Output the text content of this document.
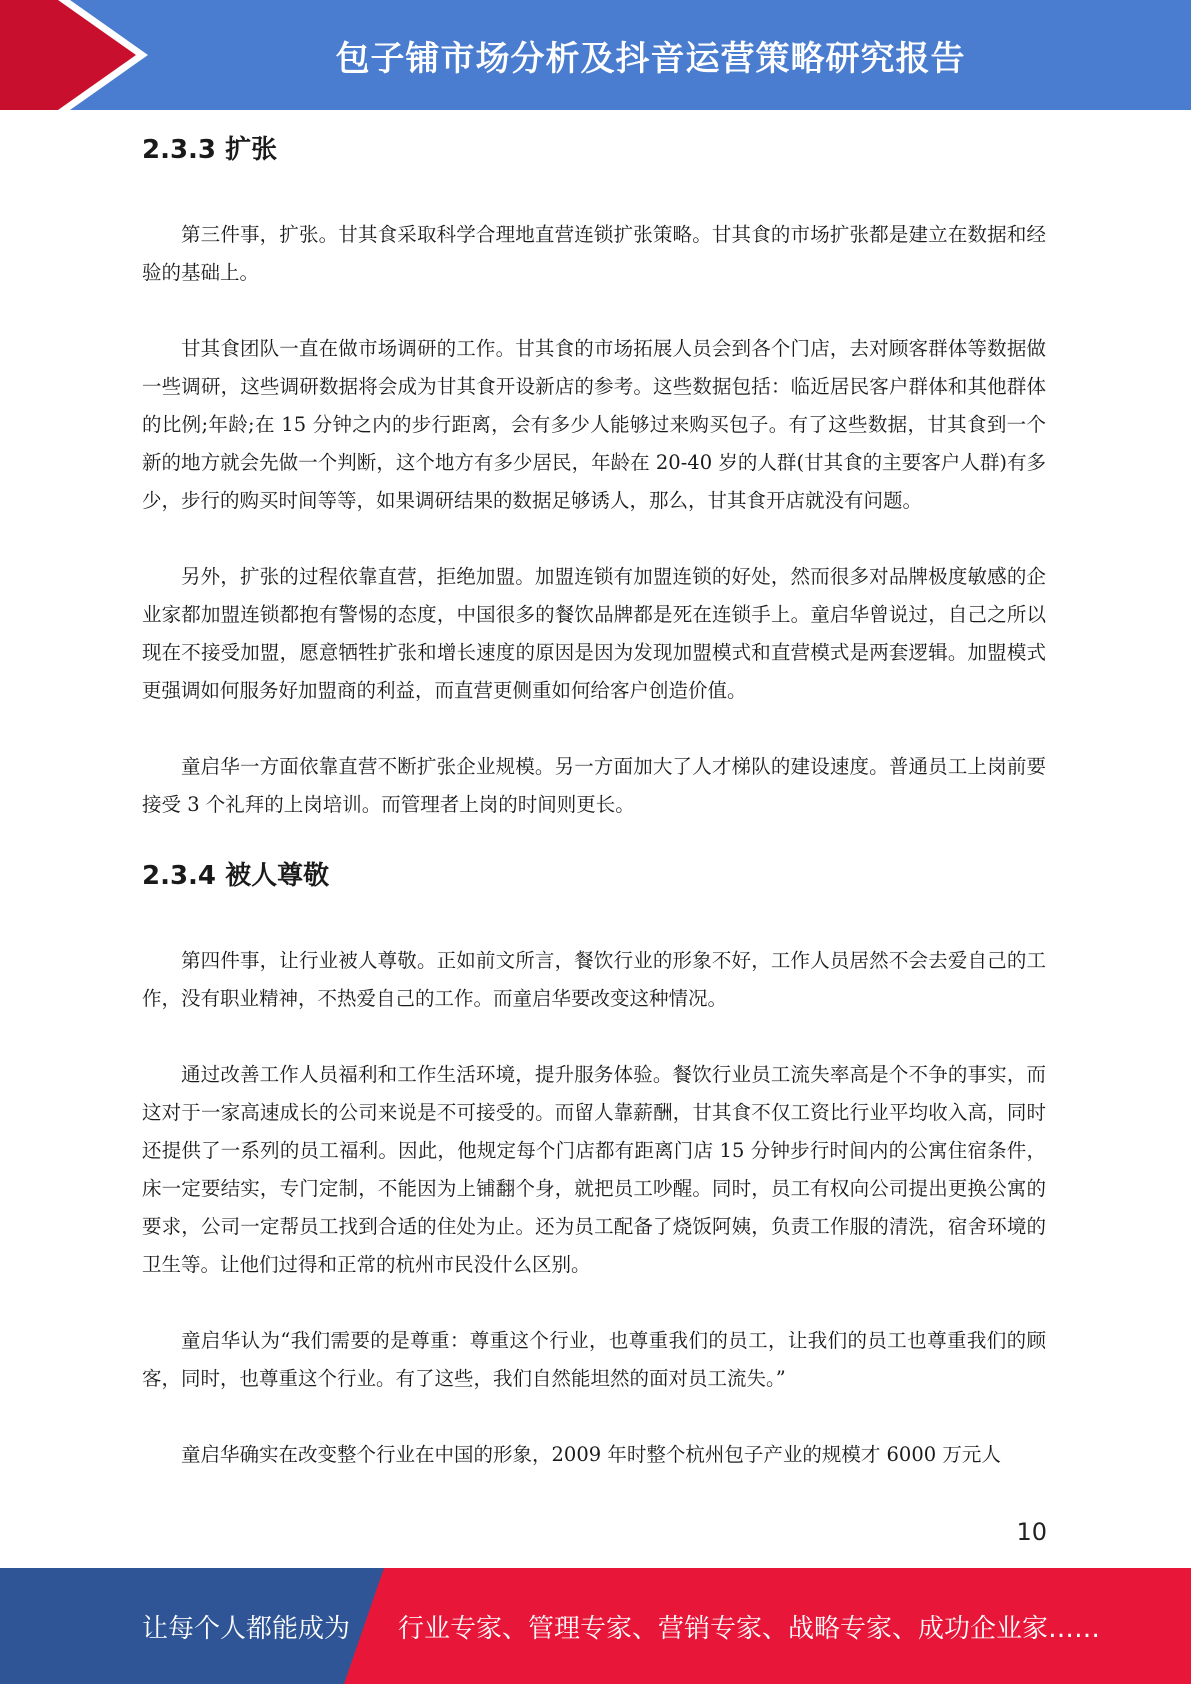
包子铺市场分析及抖音运营策略研究报告
2.3.3 扩张

第三件事，扩张。甘其食采取科学合理地直营连锁扩张策略。甘其食的市场扩张都是建立在数据和经验的基础上。

甘其食团队一直在做市场调研的工作。甘其食的市场拓展人员会到各个门店，去对顾客群体等数据做一些调研，这些调研数据将会成为甘其食开设新店的参考。这些数据包括：临近居民客户群体和其他群体的比例;年龄;在 15 分钟之内的步行距离，会有多少人能够过来购买包子。有了这些数据，甘其食到一个新的地方就会先做一个判断，这个地方有多少居民，年龄在 20-40 岁的人群(甘其食的主要客户人群)有多少，步行的购买时间等等，如果调研结果的数据足够诱人，那么，甘其食开店就没有问题。

另外，扩张的过程依靠直营，拒绝加盟。加盟连锁有加盟连锁的好处，然而很多对品牌极度敏感的企业家都加盟连锁都抱有警惕的态度，中国很多的餐饮品牌都是死在连锁手上。童启华曾说过，自己之所以现在不接受加盟，愿意牺牲扩张和增长速度的原因是因为发现加盟模式和直营模式是两套逻辑。加盟模式更强调如何服务好加盟商的利益，而直营更侧重如何给客户创造价值。

童启华一方面依靠直营不断扩张企业规模。另一方面加大了人才梯队的建设速度。普通员工上岗前要接受 3 个礼拜的上岗培训。而管理者上岗的时间则更长。

2.3.4 被人尊敬

第四件事，让行业被人尊敬。正如前文所言，餐饮行业的形象不好，工作人员居然不会去爱自己的工作，没有职业精神，不热爱自己的工作。而童启华要改变这种情况。

通过改善工作人员福利和工作生活环境，提升服务体验。餐饮行业员工流失率高是个不争的事实，而这对于一家高速成长的公司来说是不可接受的。而留人靠薪酬，甘其食不仅工资比行业平均收入高，同时还提供了一系列的员工福利。因此，他规定每个门店都有距离门店 15 分钟步行时间内的公寓住宿条件，床一定要结实，专门定制，不能因为上铺翻个身，就把员工吵醒。同时，员工有权向公司提出更换公寓的要求，公司一定帮员工找到合适的住处为止。还为员工配备了烧饭阿姨，负责工作服的清洗，宿舍环境的卫生等。让他们过得和正常的杭州市民没什么区别。

童启华认为“我们需要的是尊重：尊重这个行业，也尊重我们的员工，让我们的员工也尊重我们的顾客，同时，也尊重这个行业。有了这些，我们自然能坦然的面对员工流失。”

童启华确实在改变整个行业在中国的形象，2009 年时整个杭州包子产业的规模才 6000 万元人

10
让每个人都能成为 行业专家、管理专家、营销专家、战略专家、成功企业家……
